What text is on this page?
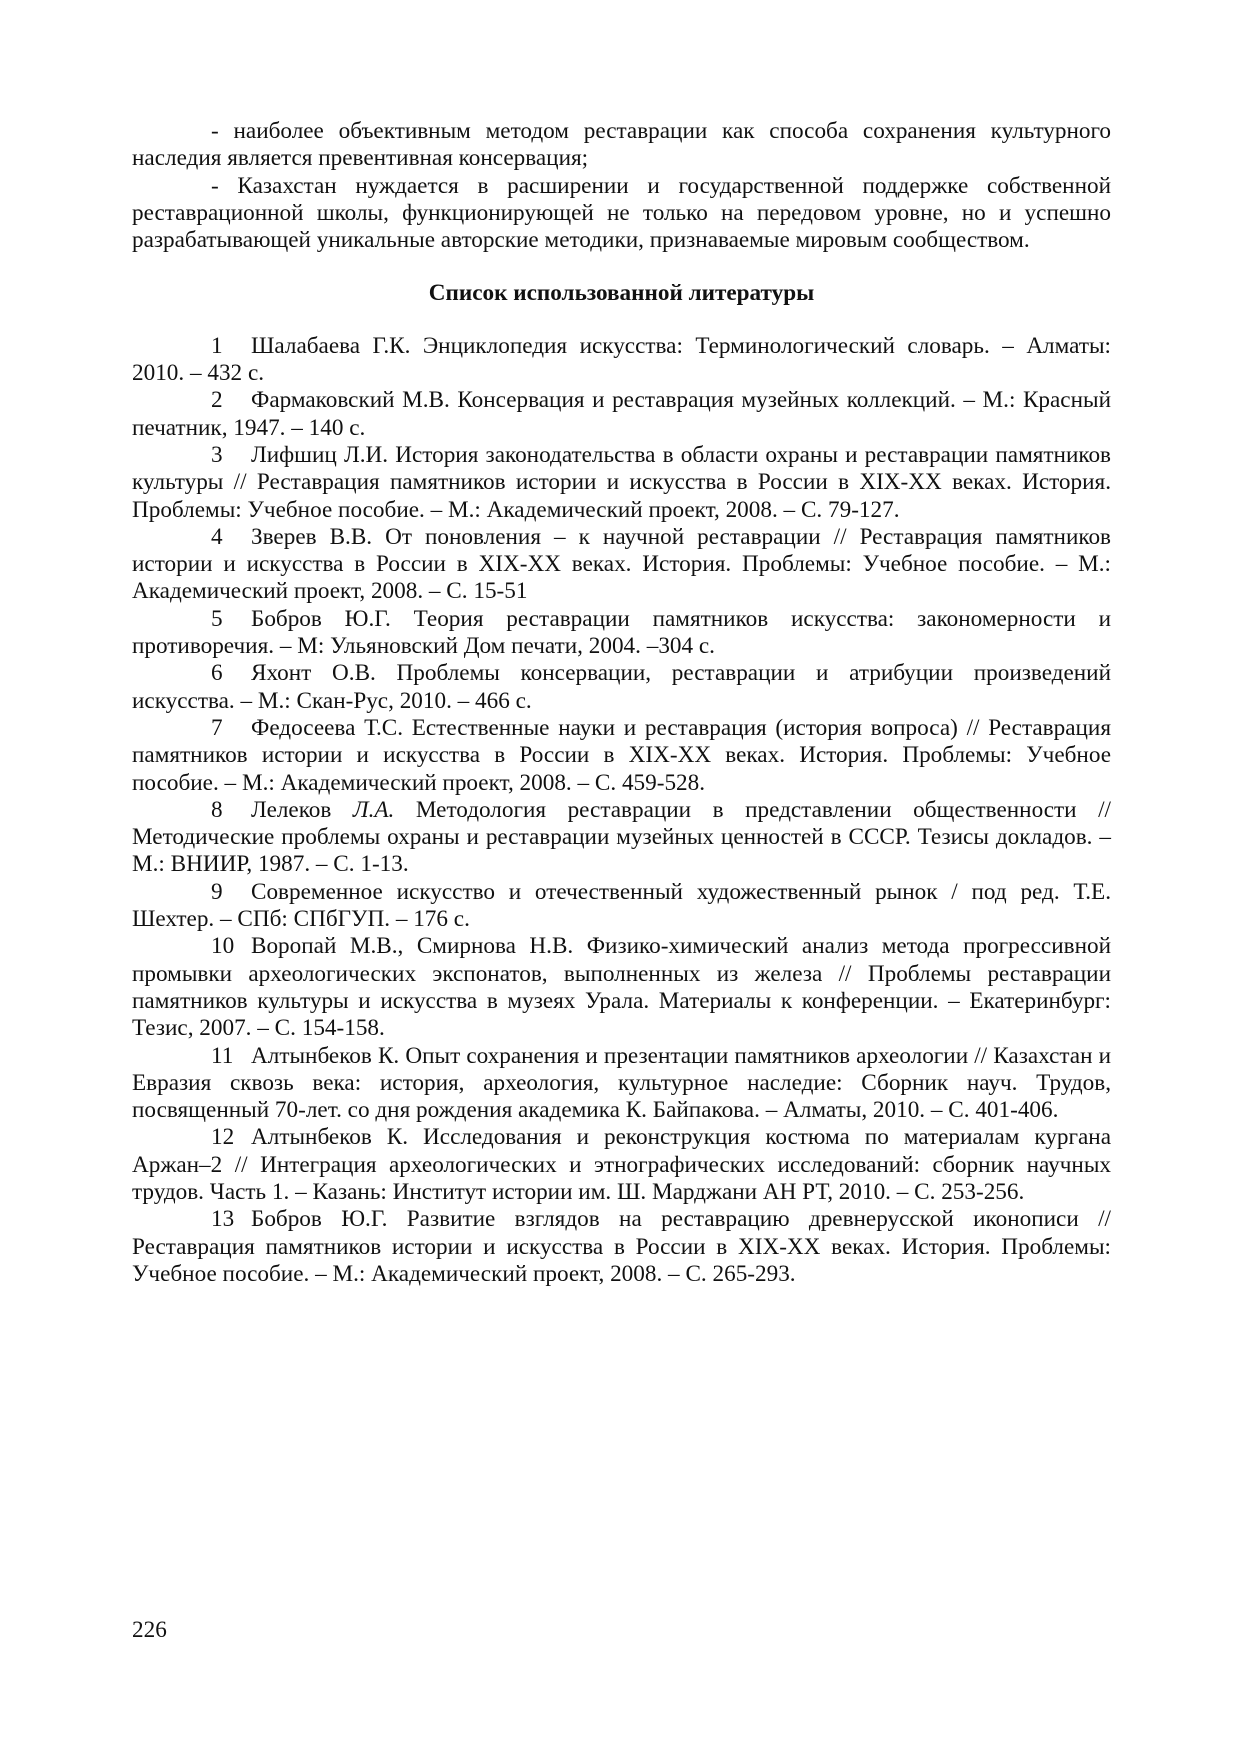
- наиболее объективным методом реставрации как способа сохранения культурного наследия является превентивная консервация;

- Казахстан нуждается в расширении и государственной поддержке собственной реставрационной школы, функционирующей не только на передовом уровне, но и успешно разрабатывающей уникальные авторские методики, признаваемые мировым сообществом.

Список использованной литературы

1 Шалабаева Г.К. Энциклопедия искусства: Терминологический словарь. – Алматы: 2010. – 432 с.

2 Фармаковский М.В. Консервация и реставрация музейных коллекций. – М.: Красный печатник, 1947. – 140 с.

3 Лифшиц Л.И. История законодательства в области охраны и реставрации памятников культуры // Реставрация памятников истории и искусства в России в XIX-XX веках. История. Проблемы: Учебное пособие. – М.: Академический проект, 2008. – С. 79-127.

4 Зверев В.В. От поновления – к научной реставрации // Реставрация памятников истории и искусства в России в XIX-XX веках. История. Проблемы: Учебное пособие. – М.: Академический проект, 2008. – С. 15-51

5 Бобров Ю.Г. Теория реставрации памятников искусства: закономерности и противоречия. – М: Ульяновский Дом печати, 2004. –304 с.

6 Яхонт О.В. Проблемы консервации, реставрации и атрибуции произведений искусства. – М.: Скан-Рус, 2010. – 466 с.

7 Федосеева Т.С. Естественные науки и реставрация (история вопроса) // Реставрация памятников истории и искусства в России в XIX-XX веках. История. Проблемы: Учебное пособие. – М.: Академический проект, 2008. – С. 459-528.

8 Лелеков Л.А. Методология реставрации в представлении общественности // Методические проблемы охраны и реставрации музейных ценностей в СССР. Тезисы докладов. – М.: ВНИИР, 1987. – С. 1-13.

9 Современное искусство и отечественный художественный рынок / под ред. Т.Е. Шехтер. – СПб: СПбГУП. – 176 с.

10 Воропай М.В., Смирнова Н.В. Физико-химический анализ метода прогрессивной промывки археологических экспонатов, выполненных из железа // Проблемы реставрации памятников культуры и искусства в музеях Урала. Материалы к конференции. – Екатеринбург: Тезис, 2007. – С. 154-158.

11 Алтынбеков К. Опыт сохранения и презентации памятников археологии // Казахстан и Евразия сквозь века: история, археология, культурное наследие: Сборник науч. Трудов, посвященный 70-лет. со дня рождения академика К. Байпакова. – Алматы, 2010. – С. 401-406.

12 Алтынбеков К. Исследования и реконструкция костюма по материалам кургана Аржан–2 // Интеграция археологических и этнографических исследований: сборник научных трудов. Часть 1. – Казань: Институт истории им. Ш. Марджани АН РТ, 2010. – С. 253-256.

13 Бобров Ю.Г. Развитие взглядов на реставрацию древнерусской иконописи // Реставрация памятников истории и искусства в России в XIX-XX веках. История. Проблемы: Учебное пособие. – М.: Академический проект, 2008. – С. 265-293.

226
